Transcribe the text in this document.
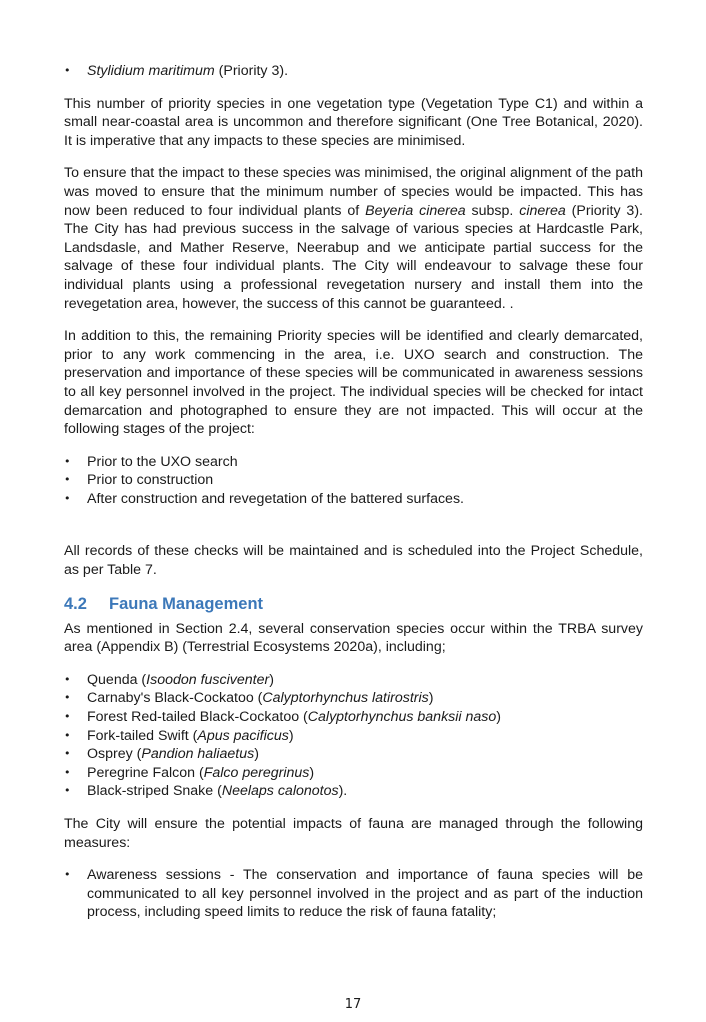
• Stylidium maritimum (Priority 3).

This number of priority species in one vegetation type (Vegetation Type C1) and within a small near-coastal area is uncommon and therefore significant (One Tree Botanical, 2020). It is imperative that any impacts to these species are minimised.

To ensure that the impact to these species was minimised, the original alignment of the path was moved to ensure that the minimum number of species would be impacted. This has now been reduced to four individual plants of Beyeria cinerea subsp. cinerea (Priority 3). The City has had previous success in the salvage of various species at Hardcastle Park, Landsdasle, and Mather Reserve, Neerabup and we anticipate partial success for the salvage of these four individual plants. The City will endeavour to salvage these four individual plants using a professional revegetation nursery and install them into the revegetation area, however, the success of this cannot be guaranteed. .

In addition to this, the remaining Priority species will be identified and clearly demarcated, prior to any work commencing in the area, i.e. UXO search and construction. The preservation and importance of these species will be communicated in awareness sessions to all key personnel involved in the project. The individual species will be checked for intact demarcation and photographed to ensure they are not impacted. This will occur at the following stages of the project:

• Prior to the UXO search
• Prior to construction
• After construction and revegetation of the battered surfaces.

All records of these checks will be maintained and is scheduled into the Project Schedule, as per Table 7.

4.2 Fauna Management

As mentioned in Section 2.4, several conservation species occur within the TRBA survey area (Appendix B) (Terrestrial Ecosystems 2020a), including;

• Quenda (Isoodon fusciventer)
• Carnaby's Black-Cockatoo (Calyptorhynchus latirostris)
• Forest Red-tailed Black-Cockatoo (Calyptorhynchus banksii naso)
• Fork-tailed Swift (Apus pacificus)
• Osprey (Pandion haliaetus)
• Peregrine Falcon (Falco peregrinus)
• Black-striped Snake (Neelaps calonotos).

The City will ensure the potential impacts of fauna are managed through the following measures:

• Awareness sessions - The conservation and importance of fauna species will be communicated to all key personnel involved in the project and as part of the induction process, including speed limits to reduce the risk of fauna fatality;
17
